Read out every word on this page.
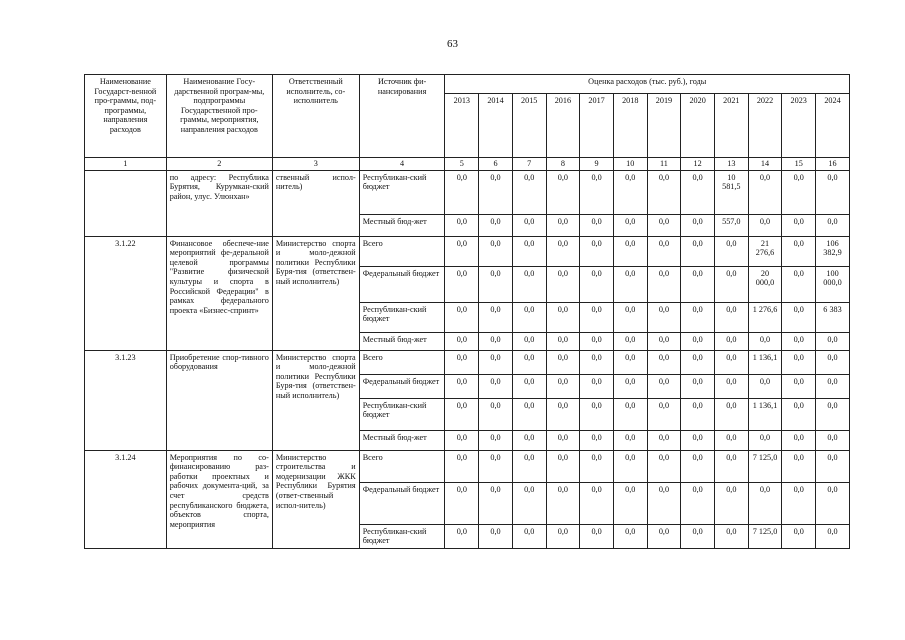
63
Наименование Государст-венной про-граммы, под-программы, направления расходов	Наименование Госу-дарственной програм-мы, подпрограммы Государственной про-граммы, мероприятия, направления расходов	Ответственный исполнитель, со-исполнитель	Источник фи-нансирования	Оценка расходов (тыс. руб.), годы											
				2013	2014	2015	2016	2017	2018	2019	2020	2021	2022	2023	2024
1	2	3	4	5	6	7	8	9	10	11	12	13	14	15	16
	по адресу: Республика Бурятия, Курумкан-ский район, улус. Улюнхан»	ственный испол-нитель)	Республикан-ский бюджет	0,0	0,0	0,0	0,0	0,0	0,0	0,0	0,0	10 581,5	0,0	0,0	0,0
			Местный бюд-жет	0,0	0,0	0,0	0,0	0,0	0,0	0,0	0,0	557,0	0,0	0,0	0,0
3.1.22	Финансовое обеспече-ние мероприятий фе-деральной целевой программы "Развитие физической культуры и спорта в Российской Федерации" в рамках федерального проекта «Бизнес-спринт»	Министерство спорта и моло-дежной политики Республики Буря-тия (ответствен-ный исполнитель)	Всего	0,0	0,0	0,0	0,0	0,0	0,0	0,0	0,0	0,0	21 276,6	0,0	106 382,9
			Федеральный бюджет	0,0	0,0	0,0	0,0	0,0	0,0	0,0	0,0	0,0	20 000,0	0,0	100 000,0
			Республикан-ский бюджет	0,0	0,0	0,0	0,0	0,0	0,0	0,0	0,0	0,0	1 276,6	0,0	6 383
			Местный бюд-жет	0,0	0,0	0,0	0,0	0,0	0,0	0,0	0,0	0,0	0,0	0,0	0,0
3.1.23	Приобретение спор-тивного оборудования	Министерство спорта и моло-дежной политики Республики Буря-тия (ответствен-ный исполнитель)	Всего	0,0	0,0	0,0	0,0	0,0	0,0	0,0	0,0	0,0	1 136,1	0,0	0,0
			Федеральный бюджет	0,0	0,0	0,0	0,0	0,0	0,0	0,0	0,0	0,0	0,0	0,0	0,0
			Республикан-ский бюджет	0,0	0,0	0,0	0,0	0,0	0,0	0,0	0,0	0,0	1 136,1	0,0	0,0
			Местный бюд-жет	0,0	0,0	0,0	0,0	0,0	0,0	0,0	0,0	0,0	0,0	0,0	0,0
3.1.24	Мероприятия по со-финансированию раз-работки проектных и рабочих документа-ций, за счет средств республиканского бюджета, объектов спорта, мероприятия	Министерство строительства и модернизации ЖКК Республики Бурятия (ответ-ственный испол-нитель)	Всего	0,0	0,0	0,0	0,0	0,0	0,0	0,0	0,0	0,0	7 125,0	0,0	0,0
			Федеральный бюджет	0,0	0,0	0,0	0,0	0,0	0,0	0,0	0,0	0,0	0,0	0,0	0,0
			Республикан-ский бюджет	0,0	0,0	0,0	0,0	0,0	0,0	0,0	0,0	0,0	7 125,0	0,0	0,0
